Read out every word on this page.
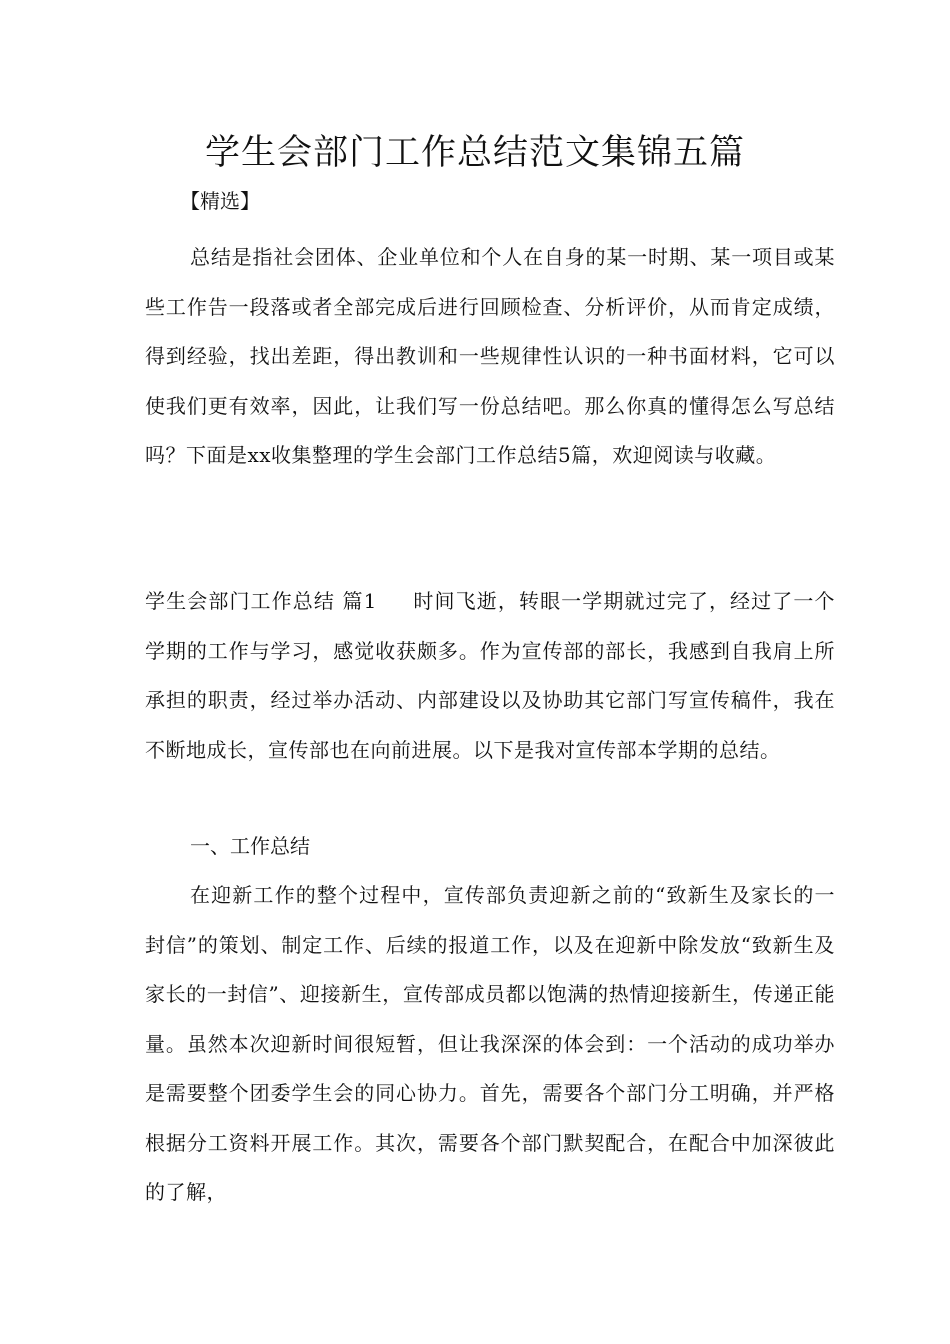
学生会部门工作总结范文集锦五篇

【精选】

总结是指社会团体、企业单位和个人在自身的某一时期、某一项目或某些工作告一段落或者全部完成后进行回顾检查、分析评价，从而肯定成绩，得到经验，找出差距，得出教训和一些规律性认识的一种书面材料，它可以使我们更有效率，因此，让我们写一份总结吧。那么你真的懂得怎么写总结吗？下面是xx收集整理的学生会部门工作总结5篇，欢迎阅读与收藏。

学生会部门工作总结 篇1 时间飞逝，转眼一学期就过完了，经过了一个学期的工作与学习，感觉收获颇多。作为宣传部的部长，我感到自我肩上所承担的职责，经过举办活动、内部建设以及协助其它部门写宣传稿件，我在不断地成长，宣传部也在向前进展。以下是我对宣传部本学期的总结。

一、工作总结

在迎新工作的整个过程中，宣传部负责迎新之前的“致新生及家长的一封信”的策划、制定工作、后续的报道工作，以及在迎新中除发放“致新生及家长的一封信”、迎接新生，宣传部成员都以饱满的热情迎接新生，传递正能量。虽然本次迎新时间很短暂，但让我深深的体会到：一个活动的成功举办是需要整个团委学生会的同心协力。首先，需要各个部门分工明确，并严格根据分工资料开展工作。其次，需要各个部门默契配合，在配合中加深彼此的了解，
